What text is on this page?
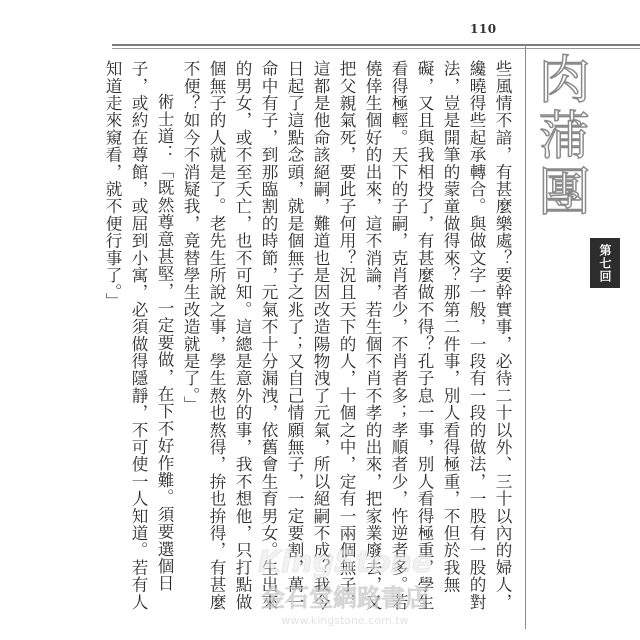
110

些風情不諳，有甚麼樂處？要幹實事，必待二十以外、三十以內的婦人，纔曉得些起承轉合。與做文字一般，一段有一段的做法，一股有一股的對法，豈是開筆的蒙童做得來？那第二件事，別人看得極重，不但於我無礙，又且與我相投了，有甚麼做不得？孔子息一事，別人看得極重，學生看得極輕。天下的子嗣，克肖者少，不肖者多；孝順者少，忤逆者多。若僥倖生個好的出來，這不消論，若生個不肖不孝的出來，把家業廢去，又把父親氣死，要此子何用？況且天下的人，十個之中，定有一兩個無子，這都是他命該絕嗣，難道也是因改造陽物洩了元氣，所以絕嗣不成？我今日起了這點念頭，就是個無子之兆了；又自己情願無子，一定要割，萬一命中有子，到那臨割的時節，元氣不十分漏洩，依舊會生育男女。生出來的男女，或不至夭亡，也不可知。這總是意外的事，我不想他，只打點做個無子的人就是了。老先生所說之事，學生熬也熬得，拚也拚得，有甚麼不便？如今不消疑我，竟替學生改造就是了。」

術士道：「既然尊意甚堅，一定要做，在下不好作難。須要選個日子，或約在尊館，或屈到小寓，必須做得隱靜，不可使一人知道。若有人知道走來窺看，就不便行事了。」	肉蒲團
第七回
KingStone
金石堂網路書店
www.kingstone.com.tw
